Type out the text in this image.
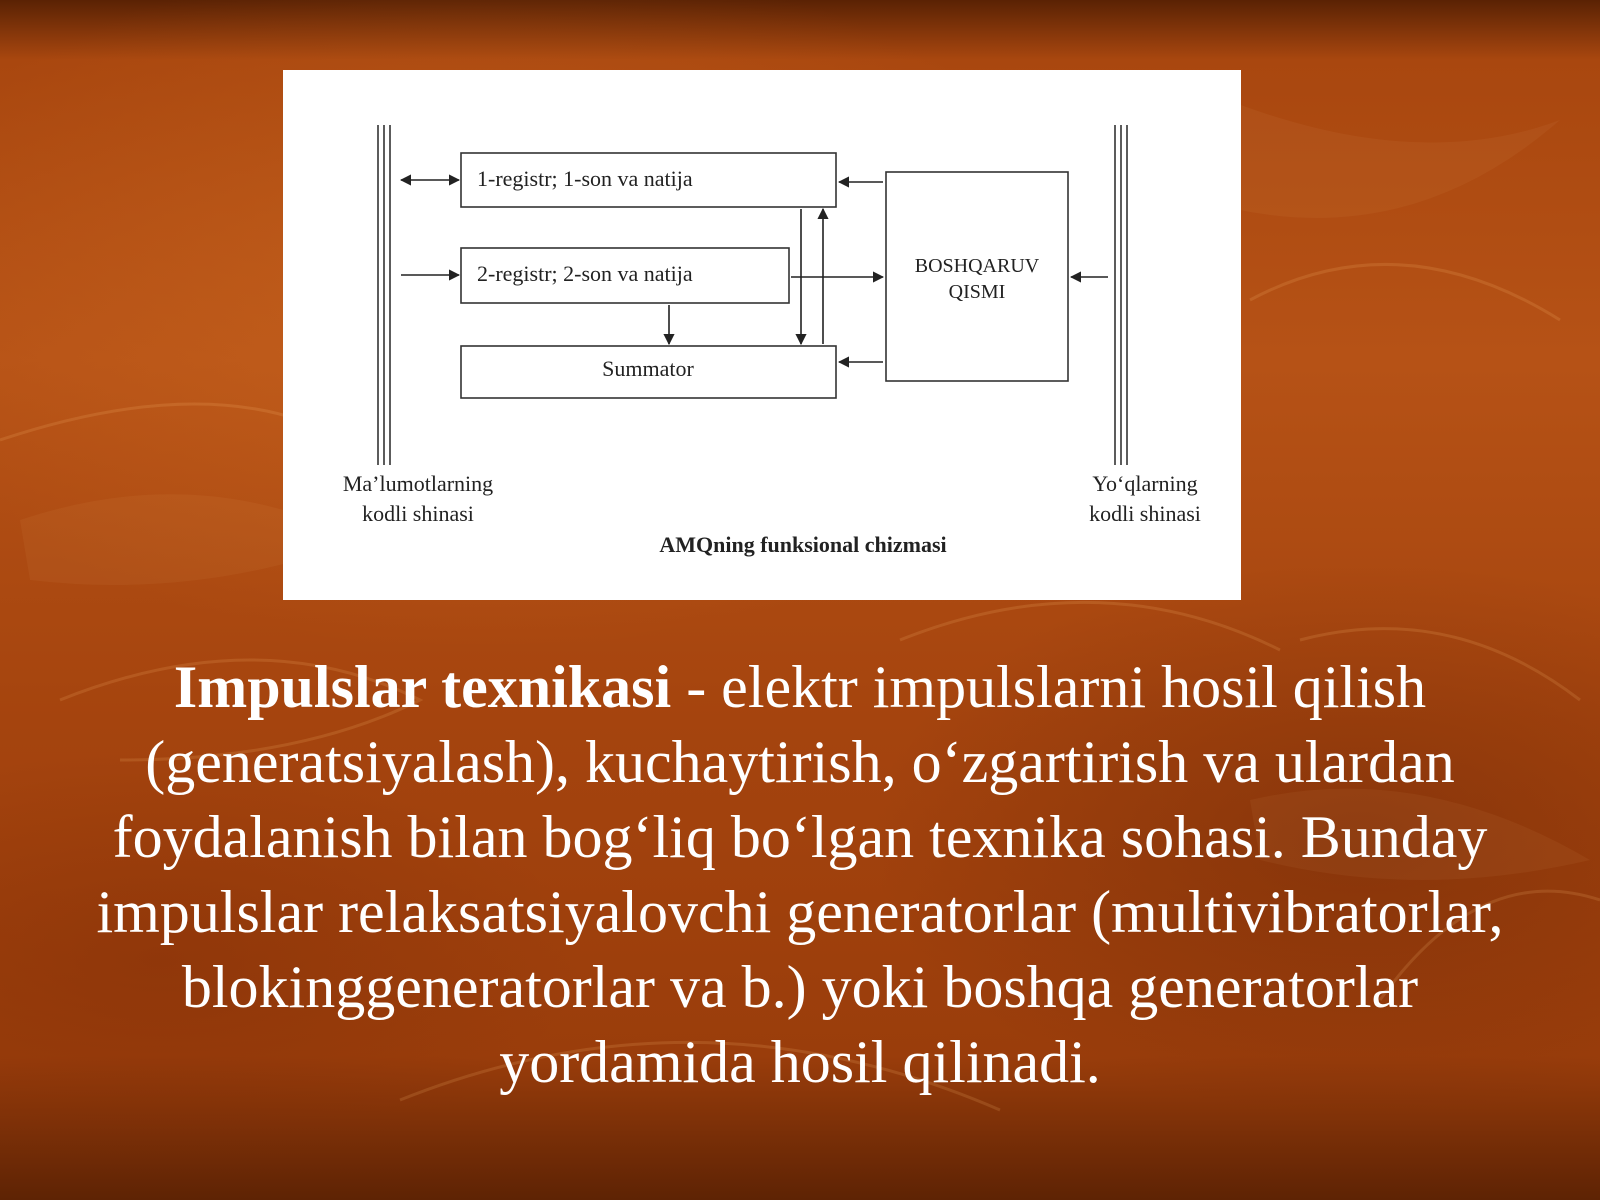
1-registr; 1-son va natija
2-registr; 2-son va natija
Summator
BOSHQARUV
QISMI
Ma’lumotlarning
kodli shinasi
Yo‘qlarning
kodli shinasi
AMQning funksional chizmasi
Impulslar texnikasi - elektr impulslarni hosil qilish (generatsiyalash), kuchaytirish, o‘zgartirish va ulardan foydalanish bilan bog‘liq bo‘lgan texnika sohasi. Bunday impulslar relaksatsiyalovchi generatorlar (multivibratorlar, blokinggeneratorlar va b.) yoki boshqa generatorlar yordamida hosil qilinadi.
